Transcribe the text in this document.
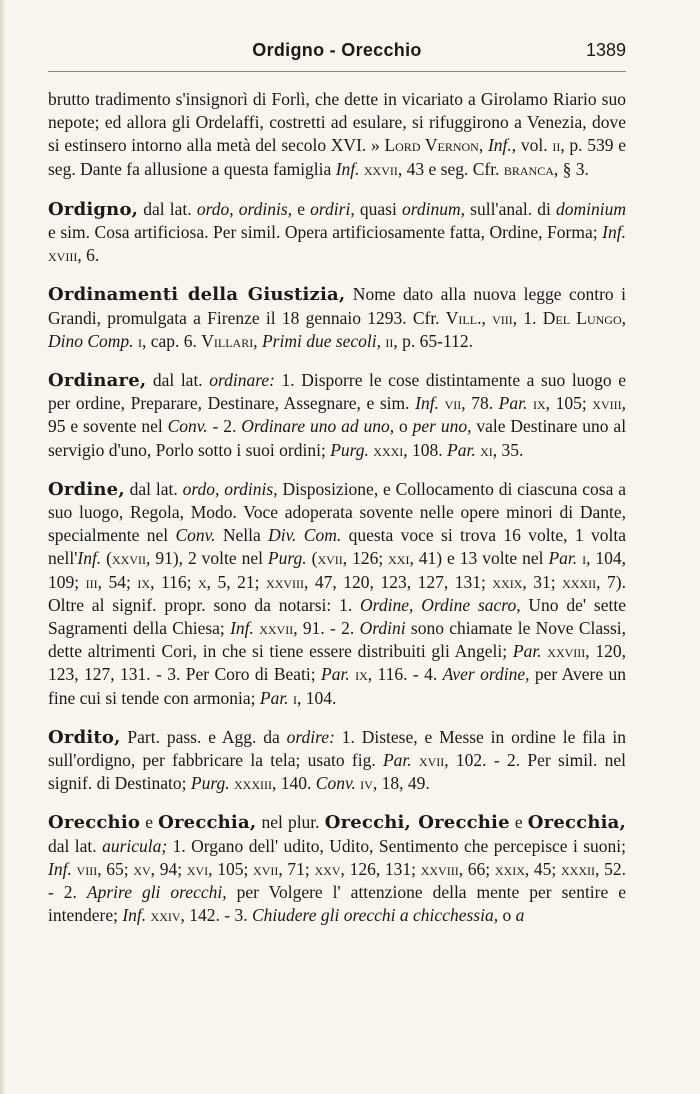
Ordigno - Orecchio	1389

brutto tradimento s'insignorì di Forlì, che dette in vicariato a Girolamo Riario suo nepote; ed allora gli Ordelaffi, costretti ad esulare, si rifuggirono a Venezia, dove si estinsero intorno alla metà del secolo XVI. » Lord Vernon, Inf., vol. ii, p. 539 e seg. Dante fa allusione a questa famiglia Inf. xxvii, 43 e seg. Cfr. branca, § 3.

Ordigno, dal lat. ordo, ordinis, e ordiri, quasi ordinum, sull'anal. di dominium e sim. Cosa artificiosa. Per simil. Opera artificiosamente fatta, Ordine, Forma; Inf. xviii, 6.

Ordinamenti della Giustizia, Nome dato alla nuova legge contro i Grandi, promulgata a Firenze il 18 gennaio 1293. Cfr. Vill., viii, 1. Del Lungo, Dino Comp. i, cap. 6. Villari, Primi due secoli, ii, p. 65-112.

Ordinare, dal lat. ordinare: 1. Disporre le cose distintamente a suo luogo e per ordine, Preparare, Destinare, Assegnare, e sim. Inf. vii, 78. Par. ix, 105; xviii, 95 e sovente nel Conv. - 2. Ordinare uno ad uno, o per uno, vale Destinare uno al servigio d'uno, Porlo sotto i suoi ordini; Purg. xxxi, 108. Par. xi, 35.

Ordine, dal lat. ordo, ordinis, Disposizione, e Collocamento di ciascuna cosa a suo luogo, Regola, Modo. Voce adoperata sovente nelle opere minori di Dante, specialmente nel Conv. Nella Div. Com. questa voce si trova 16 volte, 1 volta nell'Inf. (xxvii, 91), 2 volte nel Purg. (xvii, 126; xxi, 41) e 13 volte nel Par. i, 104, 109; iii, 54; ix, 116; x, 5, 21; xxviii, 47, 120, 123, 127, 131; xxix, 31; xxxii, 7). Oltre al signif. propr. sono da notarsi: 1. Ordine, Ordine sacro, Uno de' sette Sagramenti della Chiesa; Inf. xxvii, 91. - 2. Ordini sono chiamate le Nove Classi, dette altrimenti Cori, in che si tiene essere distribuiti gli Angeli; Par. xxviii, 120, 123, 127, 131. - 3. Per Coro di Beati; Par. ix, 116. - 4. Aver ordine, per Avere un fine cui si tende con armonia; Par. i, 104.

Ordito, Part. pass. e Agg. da ordire: 1. Distese, e Messe in ordine le fila in sull'ordigno, per fabbricare la tela; usato fig. Par. xvii, 102. - 2. Per simil. nel signif. di Destinato; Purg. xxxiii, 140. Conv. iv, 18, 49.

Orecchio e Orecchia, nel plur. Orecchi, Orecchie e Orecchia, dal lat. auricula; 1. Organo dell' udito, Udito, Sentimento che percepisce i suoni; Inf. viii, 65; xv, 94; xvi, 105; xvii, 71; xxv, 126, 131; xxviii, 66; xxix, 45; xxxii, 52. - 2. Aprire gli orecchi, per Volgere l' attenzione della mente per sentire e intendere; Inf. xxiv, 142. - 3. Chiudere gli orecchi a chicchessia, o a
